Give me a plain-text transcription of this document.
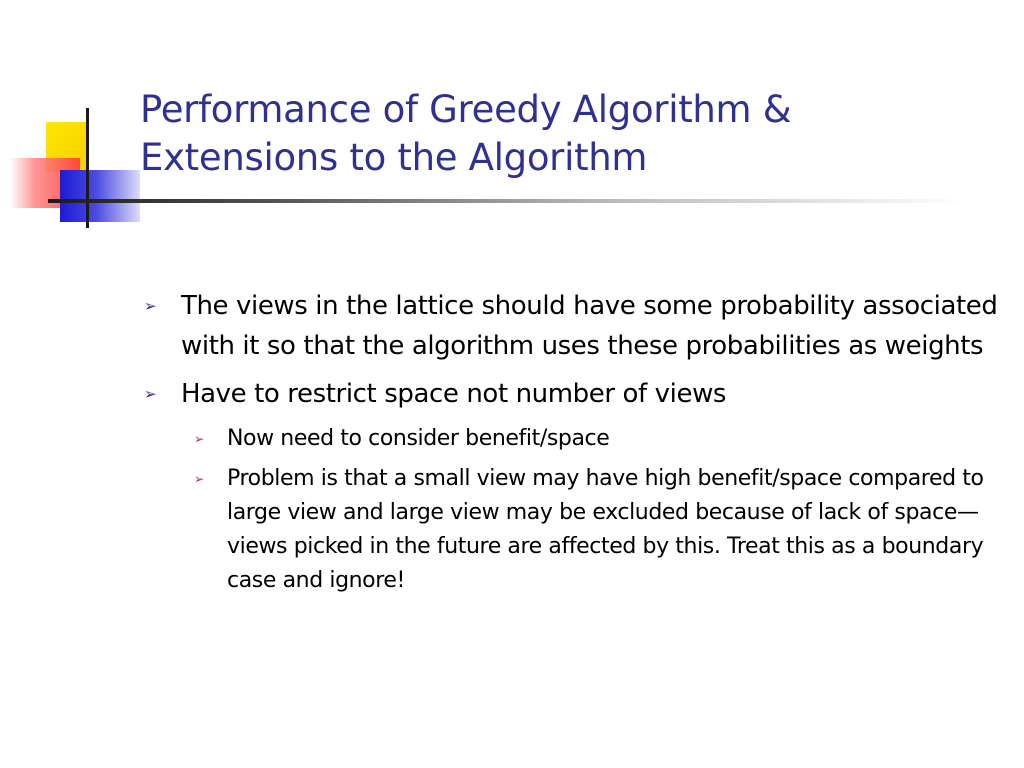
Performance of Greedy Algorithm & Extensions to the Algorithm
➢ The views in the lattice should have some probability associated with it so that the algorithm uses these probabilities as weights
➢ Have to restrict space not number of views
➢ Now need to consider benefit/space
➢ Problem is that a small view may have high benefit/space compared to large view and large view may be excluded because of lack of space— views picked in the future are affected by this. Treat this as a boundary case and ignore!
